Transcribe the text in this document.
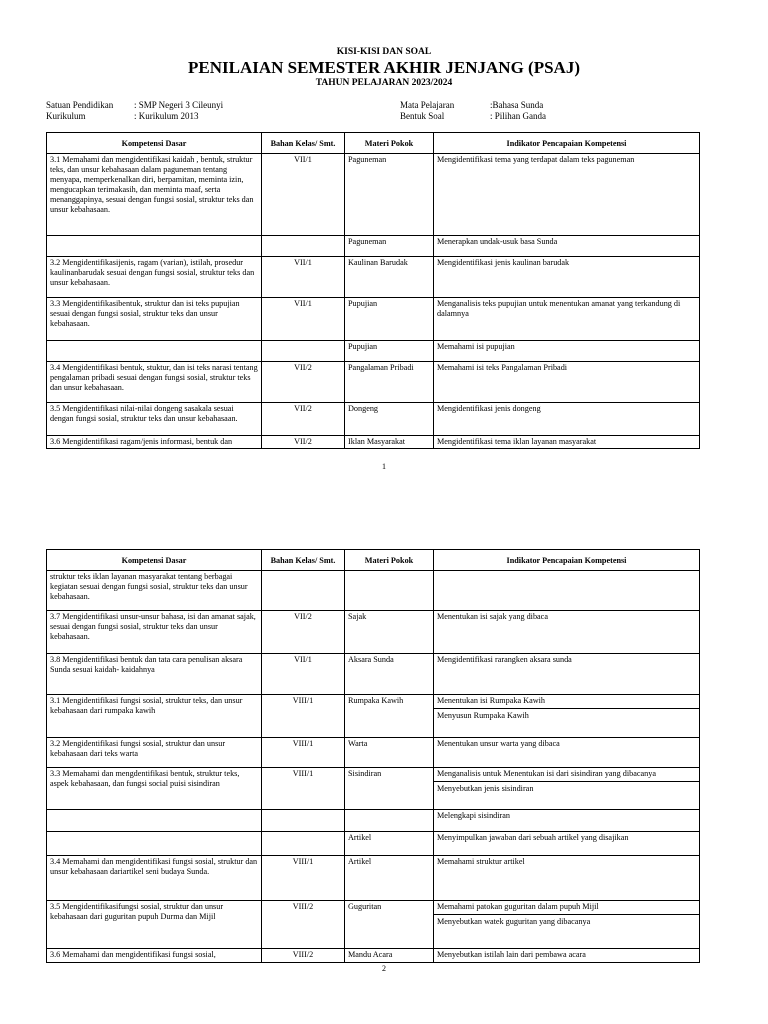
KISI-KISI DAN SOAL
PENILAIAN SEMESTER AKHIR JENJANG (PSAJ)
TAHUN PELAJARAN 2023/2024
Satuan Pendidikan	: SMP Negeri 3 Cileunyi
Kurikulum	: Kurikulum 2013
Mata Pelajaran	:Bahasa Sunda
Bentuk Soal	: Pilihan Ganda
Kompetensi Dasar	Bahan Kelas/ Smt.	Materi Pokok	Indikator Pencapaian Kompetensi
3.1 Memahami dan mengidentifikasi kaidah , bentuk, struktur teks, dan unsur kebahasaan dalam paguneman tentang menyapa, memperkenalkan diri, berpamitan, meminta izin, mengucapkan terimakasih, dan meminta maaf, serta menanggapinya, sesuai dengan fungsi sosial, struktur teks dan unsur kebahasaan.	VII/1	Paguneman	Mengidentifikasi tema yang terdapat dalam teks paguneman

		Paguneman	Menerapkan undak-usuk basa Sunda

3.2 Mengidentifikasijenis, ragam (varian), istilah, prosedur kaulinanbarudak sesuai dengan fungsi sosial, struktur teks dan unsur kebahasaan.	VII/1	Kaulinan Barudak	Mengidentifikasi jenis kaulinan barudak

3.3 Mengidentifikasibentuk, struktur dan isi teks pupujian sesuai dengan fungsi sosial, struktur teks dan unsur kebahasaan.	VII/1	Pupujian	Menganalisis teks pupujian untuk menentukan amanat yang terkandung di dalamnya

		Pupujian	Memahami isi pupujian

3.4 Mengidentifikasi bentuk, stuktur, dan isi teks narasi tentang pengalaman pribadi sesuai dengan fungsi sosial, struktur teks dan unsur kebahasaan.	VII/2	Pangalaman Pribadi	Memahami isi teks Pangalaman Pribadi

3.5 Mengidentifikasi nilai-nilai dongeng sasakala sesuai dengan fungsi sosial, struktur teks dan unsur kebahasaan.	VII/2	Dongeng	Mengidentifikasi jenis dongeng

3.6 Mengidentifikasi ragam/jenis informasi, bentuk dan	VII/2	Iklan Masyarakat	Mengidentifikasi tema iklan layanan masyarakat
1
Kompetensi Dasar	Bahan Kelas/ Smt.	Materi Pokok	Indikator Pencapaian Kompetensi
struktur teks iklan layanan masyarakat tentang berbagai kegiatan sesuai dengan fungsi sosial, struktur teks dan unsur kebahasaan.			

3.7 Mengidentifikasi unsur-unsur bahasa, isi dan amanat sajak, sesuai dengan fungsi sosial, struktur teks dan unsur kebahasaan.	VII/2	Sajak	Menentukan isi sajak yang dibaca

3.8 Mengidentifikasi bentuk dan tata cara penulisan aksara Sunda sesuai kaidah- kaidahnya	VII/1	Aksara Sunda	Mengidentifikasi rarangken aksara sunda

3.1 Mengidentifikasi fungsi sosial, struktur teks, dan unsur kebahasaan dari rumpaka kawih	VIII/1	Rumpaka Kawih	Menentukan isi Rumpaka Kawih
Menyusun Rumpaka Kawih

3.2 Mengidentifikasi fungsi sosial, struktur dan unsur kebahasaan dari teks warta	VIII/1	Warta	Menentukan unsur warta yang dibaca

3.3 Memahami dan mengdentifikasi bentuk, struktur teks, aspek kebahasaan, dan fungsi social puisi sisindiran	VIII/1	Sisindiran	Menganalisis untuk Menentukan isi dari sisindiran yang dibacanya
Menyebutkan jenis sisindiran

			Melengkapi sisindiran

		Artikel	Menyimpulkan jawaban dari sebuah artikel yang disajikan

3.4 Memahami dan mengidentifikasi fungsi sosial, struktur dan unsur kebahasaan dariartikel seni budaya Sunda.	VIII/1	Artikel	Memahami struktur artikel

3.5 Mengidentifikasifungsi sosial, struktur dan unsur kebahasaan dari guguritan pupuh Durma dan Mijil	VIII/2	Guguritan	Memahami patokan guguritan dalam pupuh Mijil
Menyebutkan watek guguritan yang dibacanya

3.6 Memahami dan mengidentifikasi fungsi sosial,	VIII/2	Mandu Acara	Menyebutkan istilah lain dari pembawa acara
2
